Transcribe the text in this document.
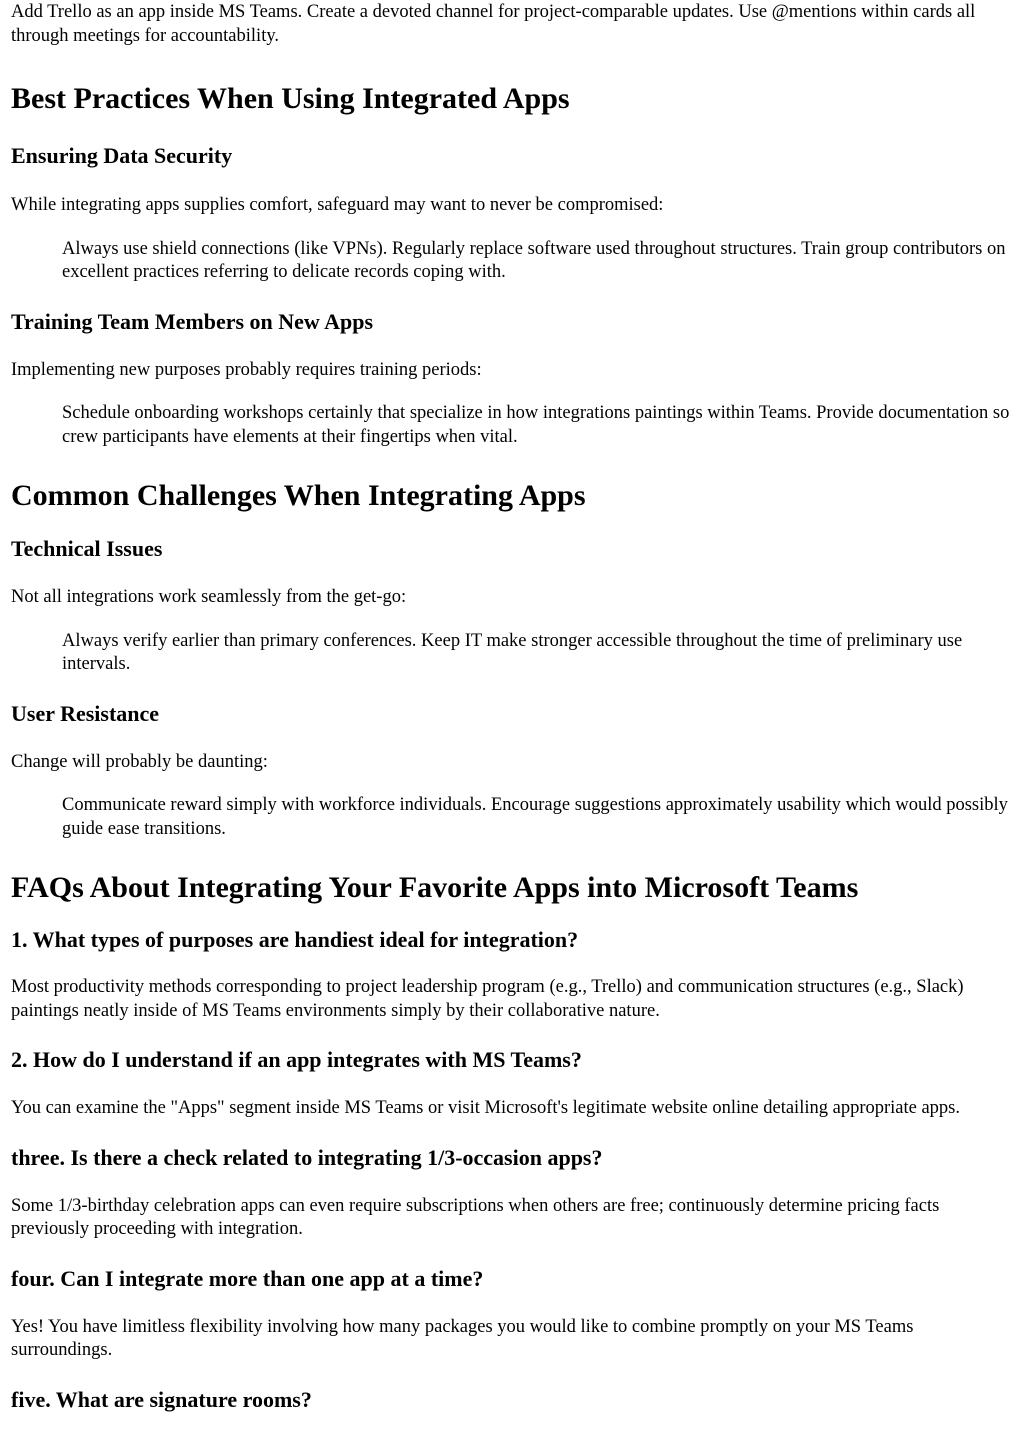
Add Trello as an app inside MS Teams. Create a devoted channel for project-comparable updates. Use @mentions within cards all through meetings for accountability.

Best Practices When Using Integrated Apps
Ensuring Data Security

While integrating apps supplies comfort, safeguard may want to never be compromised:

Always use shield connections (like VPNs). Regularly replace software used throughout structures. Train group contributors on excellent practices referring to delicate records coping with.
Training Team Members on New Apps

Implementing new purposes probably requires training periods:

Schedule onboarding workshops certainly that specialize in how integrations paintings within Teams. Provide documentation so crew participants have elements at their fingertips when vital.
Common Challenges When Integrating Apps
Technical Issues

Not all integrations work seamlessly from the get-go:

Always verify earlier than primary conferences. Keep IT make stronger accessible throughout the time of preliminary use intervals.
User Resistance

Change will probably be daunting:

Communicate reward simply with workforce individuals. Encourage suggestions approximately usability which would possibly guide ease transitions.
FAQs About Integrating Your Favorite Apps into Microsoft Teams
1. What types of purposes are handiest ideal for integration?

Most productivity methods corresponding to project leadership program (e.g., Trello) and communication structures (e.g., Slack) paintings neatly inside of MS Teams environments simply by their collaborative nature.

2. How do I understand if an app integrates with MS Teams?

You can examine the "Apps" segment inside MS Teams or visit Microsoft's legitimate website online detailing appropriate apps.

three. Is there a check related to integrating 1/3-occasion apps?

Some 1/3-birthday celebration apps can even require subscriptions when others are free; continuously determine pricing facts previously proceeding with integration.

four. Can I integrate more than one app at a time?

Yes! You have limitless flexibility involving how many packages you would like to combine promptly on your MS Teams surroundings.

five. What are signature rooms?
